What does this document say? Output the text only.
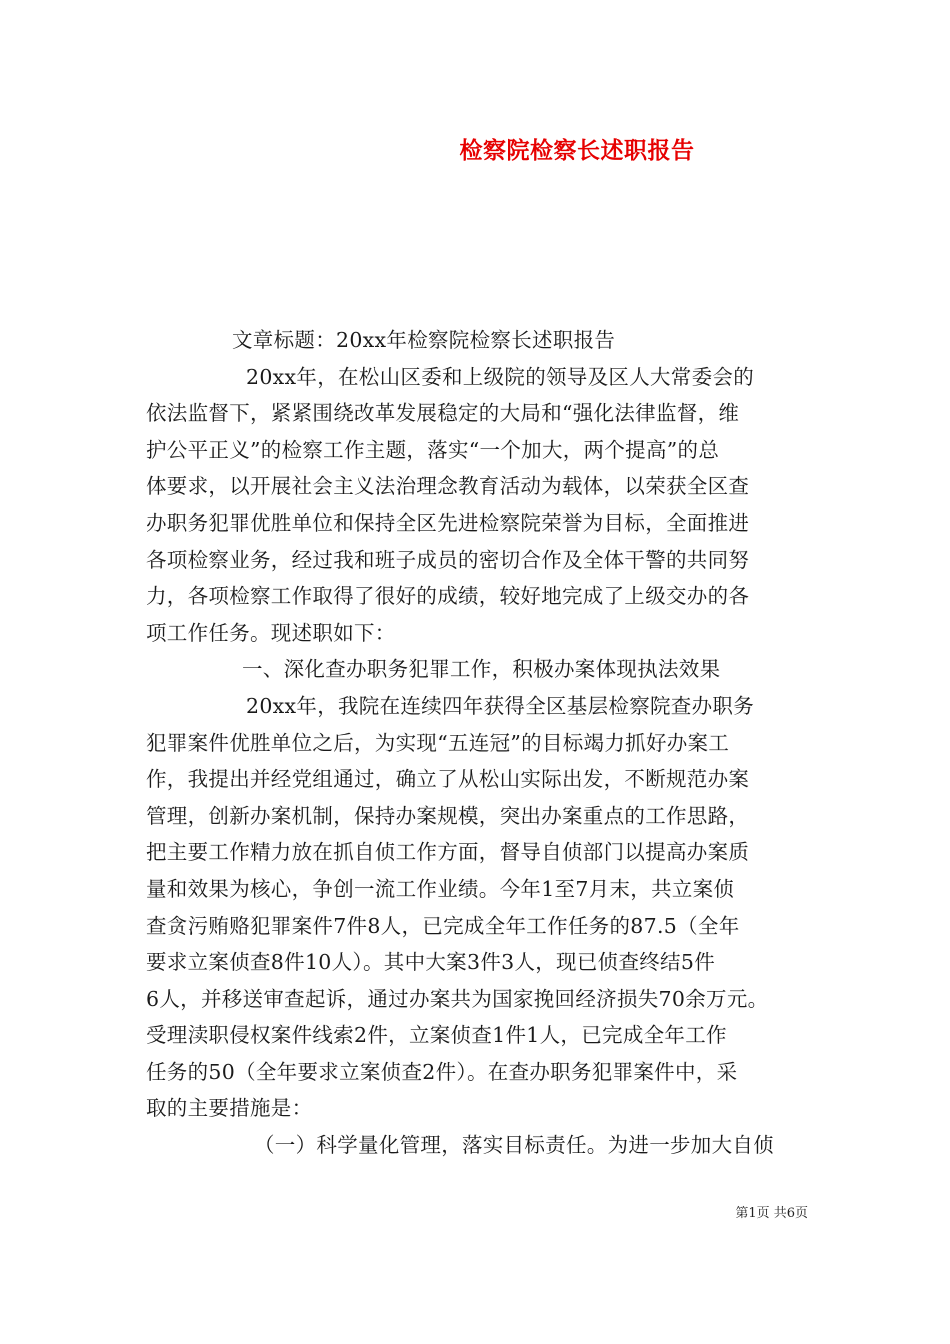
检察院检察长述职报告

文章标题：20xx年检察院检察长述职报告

20xx年，在松山区委和上级院的领导及区人大常委会的

依法监督下，紧紧围绕改革发展稳定的大局和“强化法律监督，维

护公平正义”的检察工作主题，落实“一个加大，两个提高”的总

体要求，以开展社会主义法治理念教育活动为载体，以荣获全区查

办职务犯罪优胜单位和保持全区先进检察院荣誉为目标，全面推进

各项检察业务，经过我和班子成员的密切合作及全体干警的共同努

力，各项检察工作取得了很好的成绩，较好地完成了上级交办的各

项工作任务。现述职如下：

一、深化查办职务犯罪工作，积极办案体现执法效果

20xx年，我院在连续四年获得全区基层检察院查办职务

犯罪案件优胜单位之后，为实现“五连冠”的目标竭力抓好办案工

作，我提出并经党组通过，确立了从松山实际出发，不断规范办案

管理，创新办案机制，保持办案规模，突出办案重点的工作思路，

把主要工作精力放在抓自侦工作方面，督导自侦部门以提高办案质

量和效果为核心，争创一流工作业绩。今年1至7月末，共立案侦

查贪污贿赂犯罪案件7件8人，已完成全年工作任务的87.5（全年

要求立案侦查8件10人）。其中大案3件3人，现已侦查终结5件

6人，并移送审查起诉，通过办案共为国家挽回经济损失70余万元。

受理渎职侵权案件线索2件，立案侦查1件1人，已完成全年工作

任务的50（全年要求立案侦查2件）。在查办职务犯罪案件中，采

取的主要措施是：

（一）科学量化管理，落实目标责任。为进一步加大自侦

第1页 共6页
